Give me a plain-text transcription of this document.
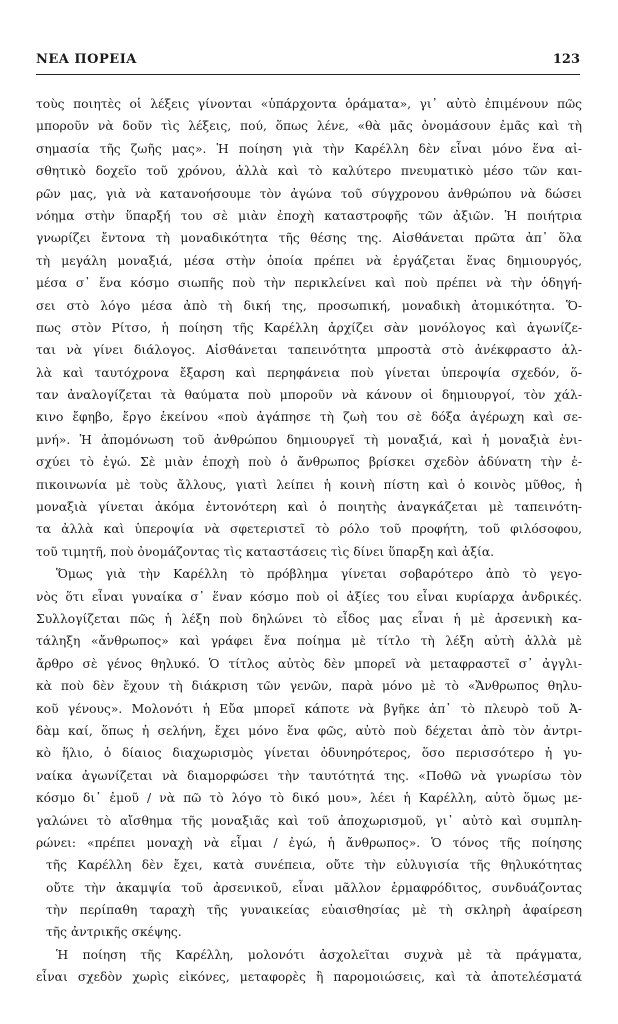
ΝΕΑ ΠΟΡΕΙΑ	123
τοὺς ποιητὲς οἱ λέξεις γίνονται «ὑπάρχοντα ὁράματα», γι᾽ αὐτὸ ἐπιμένουν πῶς
μποροῦν νὰ δοῦν τὶς λέξεις, πού, ὅπως λένε, «θὰ μᾶς ὀνομάσουν ἐμᾶς καὶ τὴ
σημασία τῆς ζωῆς μας». Ἡ ποίηση γιὰ τὴν Καρέλλη δὲν εἶναι μόνο ἕνα αἰ-
σθητικὸ δοχεῖο τοῦ χρόνου, ἀλλὰ καὶ τὸ καλύτερο πνευματικὸ μέσο τῶν και-
ρῶν μας, γιὰ νὰ κατανοήσουμε τὸν ἀγώνα τοῦ σύγχρονου ἀνθρώπου νὰ δώσει
νόημα στὴν ὕπαρξή του σὲ μιὰν ἐποχὴ καταστροφῆς τῶν ἀξιῶν. Ἡ ποιήτρια
γνωρίζει ἔντονα τὴ μοναδικότητα τῆς θέσης της. Αἰσθάνεται πρῶτα ἀπ᾽ ὅλα
τὴ μεγάλη μοναξιά, μέσα στὴν ὁποία πρέπει νὰ ἐργάζεται ἕνας δημιουργός,
μέσα σ᾽ ἕνα κόσμο σιωπῆς ποὺ τὴν περικλείνει καὶ ποὺ πρέπει νὰ τὴν ὁδηγή-
σει στὸ λόγο μέσα ἀπὸ τὴ δική της, προσωπική, μοναδικὴ ἀτομικότητα. Ὅ-
πως στὸν Ρίτσο, ἡ ποίηση τῆς Καρέλλη ἀρχίζει σὰν μονόλογος καὶ ἀγωνίζε-
ται νὰ γίνει διάλογος. Αἰσθάνεται ταπεινότητα μπροστὰ στὸ ἀνέκφραστο ἀλ-
λὰ καὶ ταυτόχρονα ἔξαρση καὶ περηφάνεια ποὺ γίνεται ὑπεροψία σχεδόν, ὅ-
ταν ἀναλογίζεται τὰ θαύματα ποὺ μποροῦν νὰ κάνουν οἱ δημιουργοί, τὸν χάλ-
κινο ἔφηβο, ἔργο ἐκείνου «ποὺ ἀγάπησε τὴ ζωὴ του σὲ δόξα ἀγέρωχη καὶ σε-
μνή». Ἡ ἀπομόνωση τοῦ ἀνθρώπου δημιουργεῖ τὴ μοναξιά, καὶ ἡ μοναξιὰ ἐνι-
σχύει τὸ ἐγώ. Σὲ μιὰν ἐποχὴ ποὺ ὁ ἄνθρωπος βρίσκει σχεδὸν ἀδύνατη τὴν ἐ-
πικοινωνία μὲ τοὺς ἄλλους, γιατὶ λείπει ἡ κοινὴ πίστη καὶ ὁ κοινὸς μῦθος, ἡ
μοναξιὰ γίνεται ἀκόμα ἐντονότερη καὶ ὁ ποιητὴς ἀναγκάζεται μὲ ταπεινότη-
τα ἀλλὰ καὶ ὑπεροψία νὰ σφετεριστεῖ τὸ ρόλο τοῦ προφήτη, τοῦ φιλόσοφου,
τοῦ τιμητῆ, ποὺ ὀνομάζοντας τὶς καταστάσεις τὶς δίνει ὕπαρξη καὶ ἀξία.
Ὅμως γιὰ τὴν Καρέλλη τὸ πρόβλημα γίνεται σοβαρότερο ἀπὸ τὸ γεγο-
νὸς ὅτι εἶναι γυναίκα σ᾽ ἕναν κόσμο ποὺ οἱ ἀξίες του εἶναι κυρίαρχα ἀνδρικές.
Συλλογίζεται πῶς ἡ λέξη ποὺ δηλώνει τὸ εἶδος μας εἶναι ἡ μὲ ἀρσενικὴ κα-
τάληξη «ἄνθρωπος» καὶ γράφει ἕνα ποίημα μὲ τίτλο τὴ λέξη αὐτὴ ἀλλὰ μὲ
ἄρθρο σὲ γένος θηλυκό. Ὁ τίτλος αὐτὸς δὲν μπορεῖ νὰ μεταφραστεῖ σ᾽ ἀγγλι-
κὰ ποὺ δὲν ἔχουν τὴ διάκριση τῶν γενῶν, παρὰ μόνο μὲ τὸ «Ἄνθρωπος θηλυ-
κοῦ γένους». Μολονότι ἡ Εὔα μπορεῖ κάποτε νὰ βγῆκε ἀπ᾽ τὸ πλευρὸ τοῦ Ἀ-
δὰμ καί, ὅπως ἡ σελήνη, ἔχει μόνο ἕνα φῶς, αὐτὸ ποὺ δέχεται ἀπὸ τὸν ἀντρι-
κὸ ἥλιο, ὁ δίαιος διαχωρισμὸς γίνεται ὀδυνηρότερος, ὅσο περισσότερο ἡ γυ-
ναίκα ἀγωνίζεται νὰ διαμορφώσει τὴν ταυτότητά της. «Ποθῶ νὰ γνωρίσω τὸν
κόσμο δι᾽ ἐμοῦ / νὰ πῶ τὸ λόγο τὸ δικό μου», λέει ἡ Καρέλλη, αὐτὸ ὅμως με-
γαλώνει τὸ αἴσθημα τῆς μοναξιᾶς καὶ τοῦ ἀποχωρισμοῦ, γι᾽ αὐτὸ καὶ συμπλη-
ρώνει: «πρέπει μοναχὴ νὰ εἶμαι / ἐγώ, ἡ ἄνθρωπος». Ὁ τόνος τῆς ποίησης
τῆς Καρέλλη δὲν ἔχει, κατὰ συνέπεια, οὔτε τὴν εὐλυγισία τῆς θηλυκότητας
οὔτε τὴν ἀκαμψία τοῦ ἀρσενικοῦ, εἶναι μᾶλλον ἑρμαφρόδιτος, συνδυάζοντας
τὴν περίπαθη ταραχὴ τῆς γυναικείας εὐαισθησίας μὲ τὴ σκληρὴ ἀφαίρεση
τῆς ἀντρικῆς σκέψης.
Ἡ ποίηση τῆς Καρέλλη, μολονότι ἀσχολεῖται συχνὰ μὲ τὰ πράγματα,
εἶναι σχεδὸν χωρὶς εἰκόνες, μεταφορὲς ἢ παρομοιώσεις, καὶ τὰ ἀποτελέσματά
